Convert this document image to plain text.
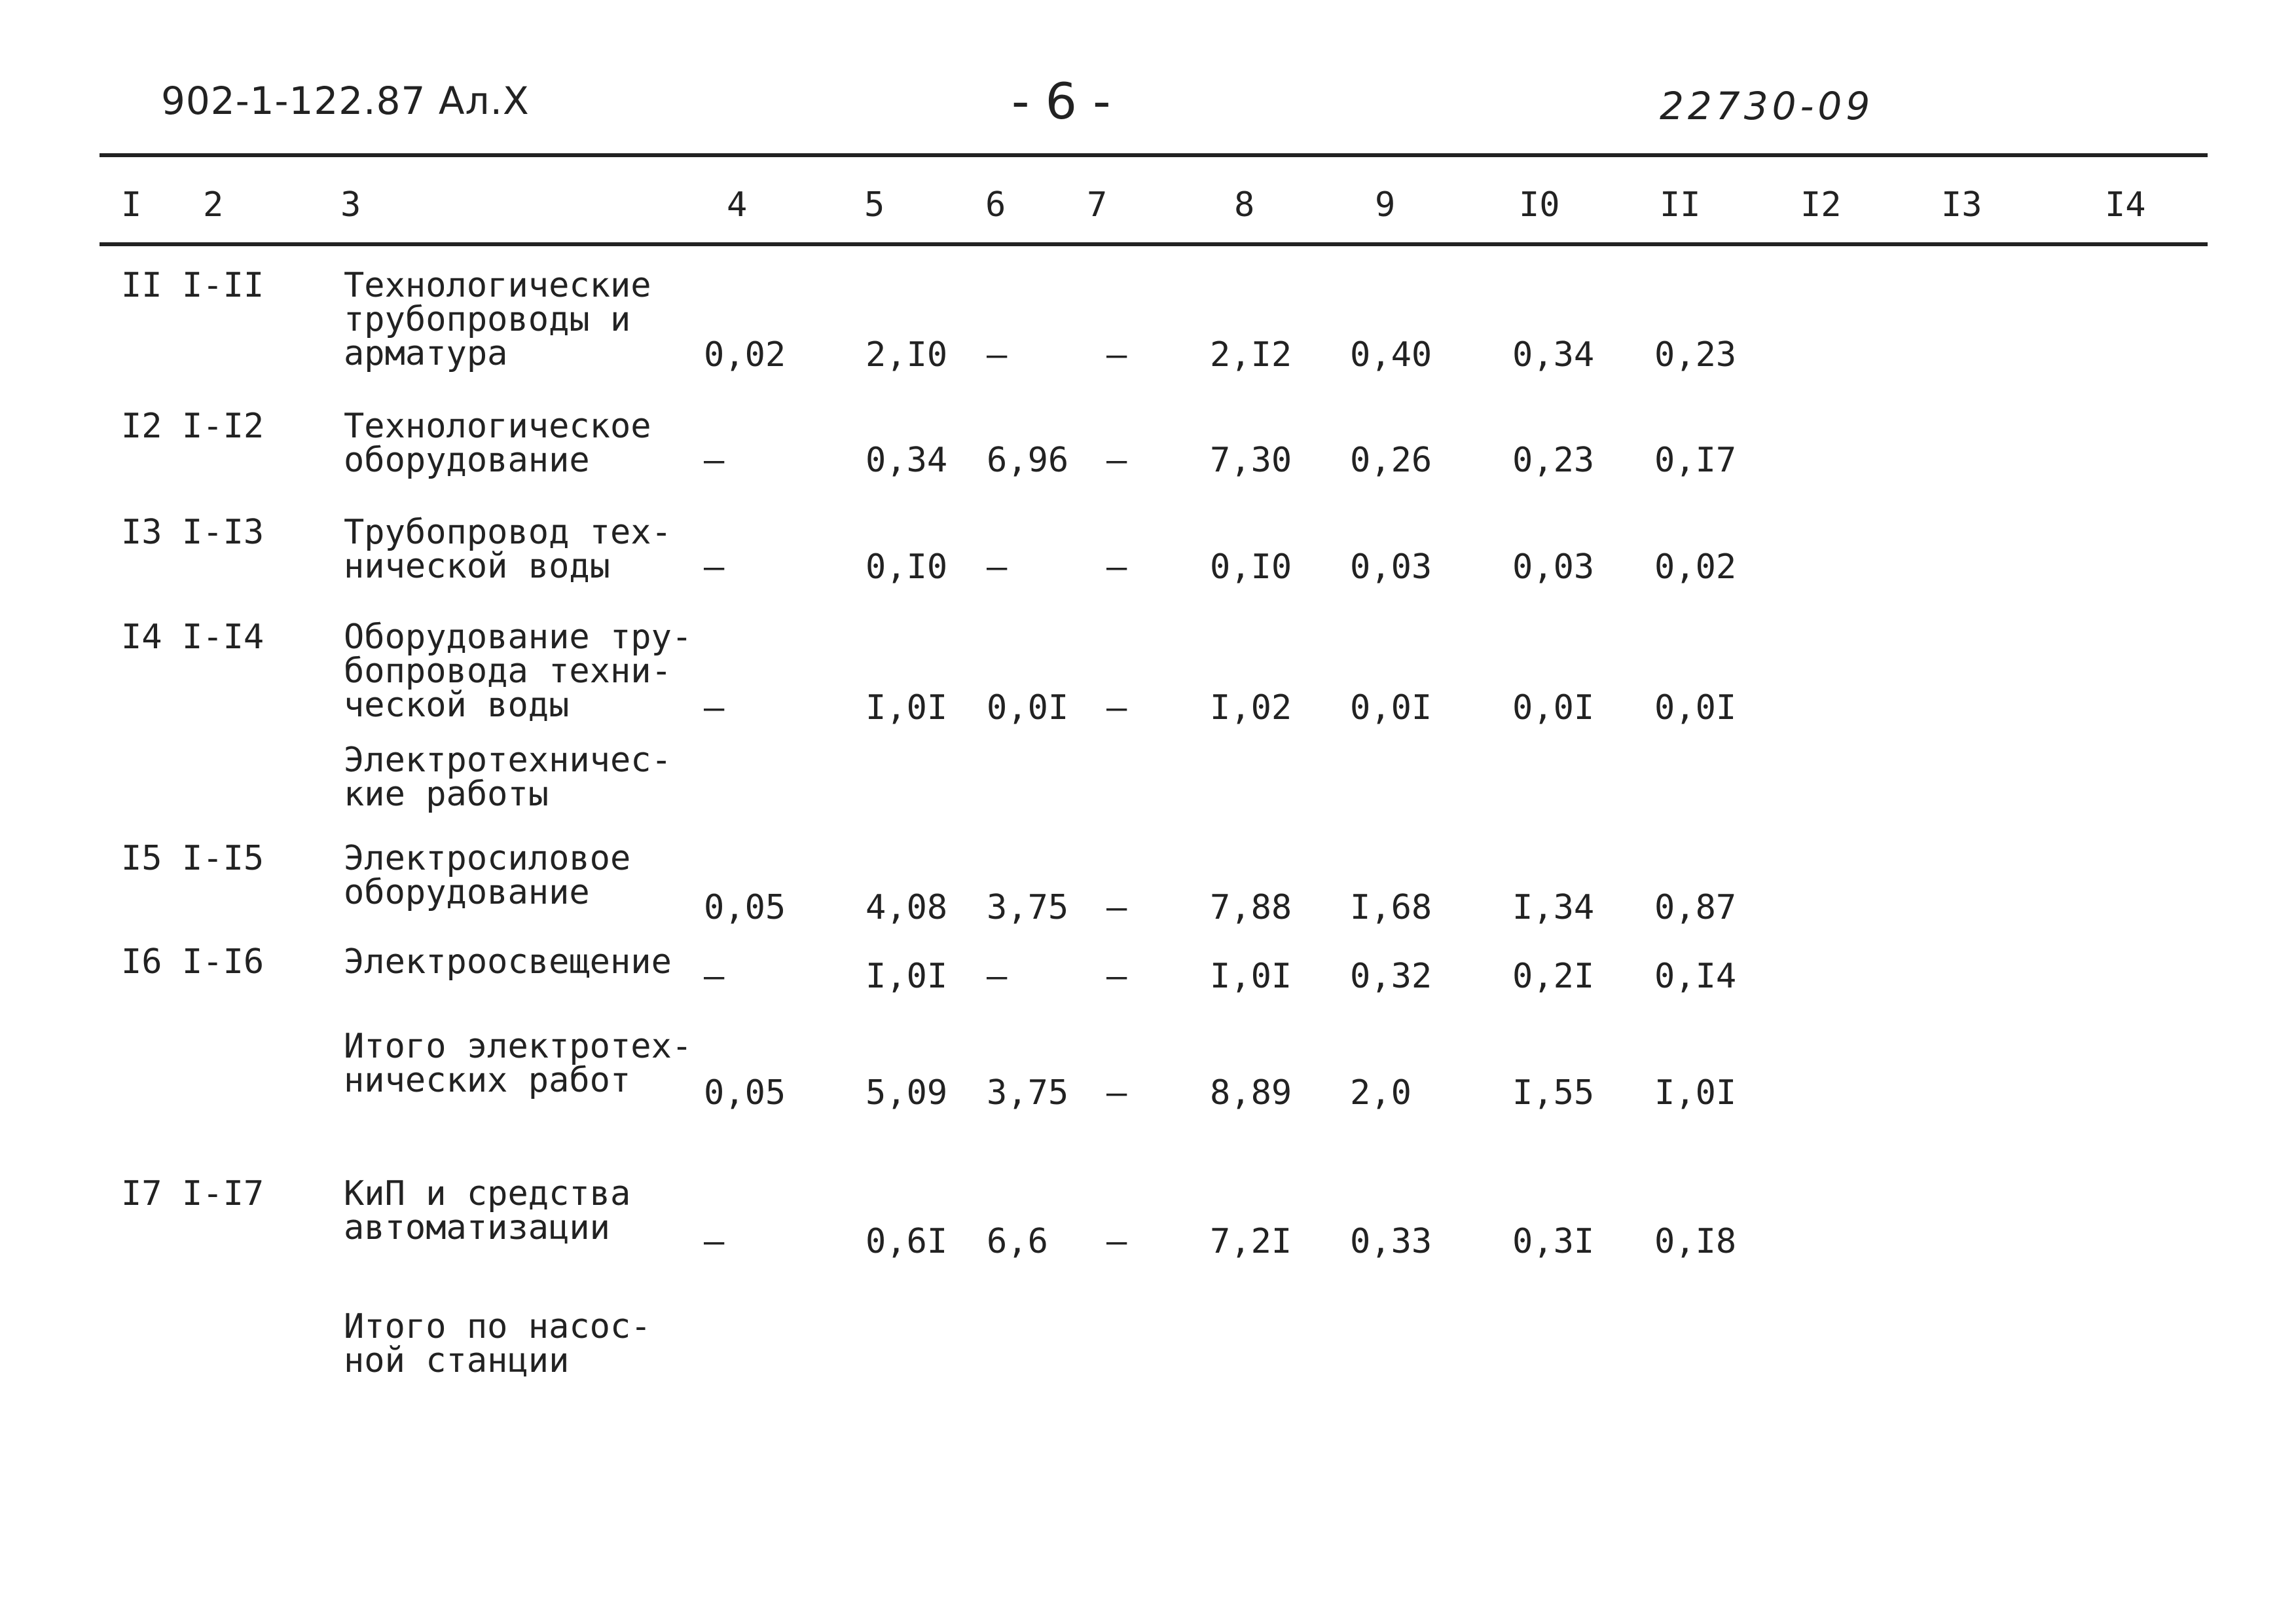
902-1-122.87 Ал.X	- 6 -	22730-09
I 2	3	4	5	6 7	8	9	I0	II	I2	I3	I4
II I-II Технологические
трубопроводы и
арматура	0,02 2,I0 –	– 2,I2 0,40 0,34 0,23
I2 I-I2 Технологическое
оборудование	–	0,34 6,96 – 7,30 0,26 0,23 0,I7
I3 I-I3 Трубопровод тех-
нической воды	–	0,I0 –	– 0,I0 0,03 0,03 0,02
I4 I-I4 Оборудование тру-
бопровода техни-
ческой воды	–	I,0I 0,0I – I,02 0,0I 0,0I 0,0I
Электротехничес-
кие работы
I5 I-I5 Электросиловое
оборудование	0,05 4,08 3,75 – 7,88 I,68 I,34 0,87
I6 I-I6 Электроосвещение –	I,0I –	– I,0I 0,32 0,2I 0,I4
Итого электротех-
нических работ	0,05 5,09 3,75 – 8,89 2,0	I,55 I,0I
I7 I-I7 КиП и средства
автоматизации	–	0,6I 6,6 – 7,2I 0,33 0,3I 0,I8
Итого по насос-
ной станции
